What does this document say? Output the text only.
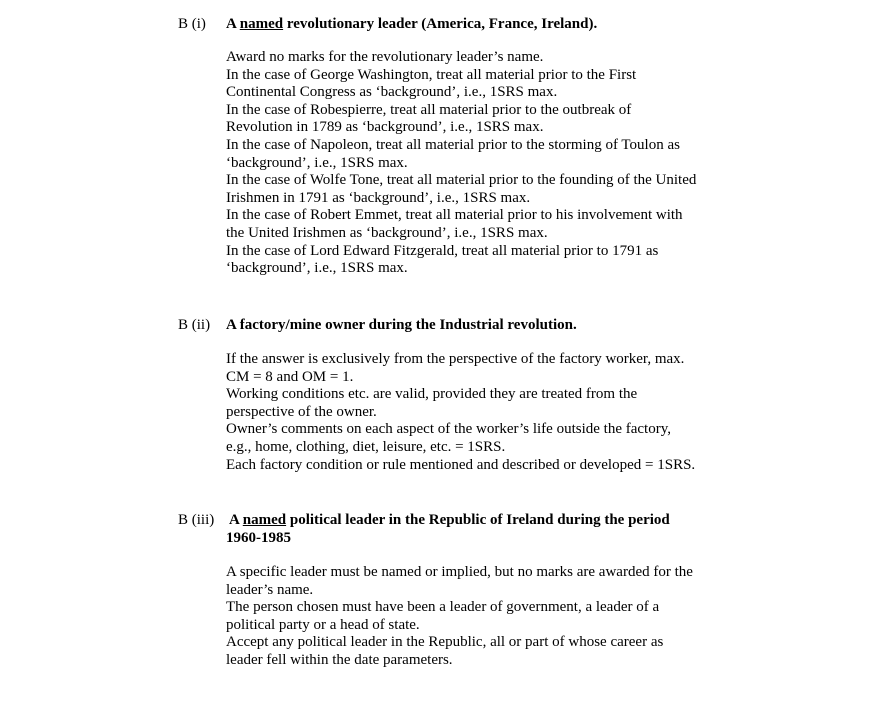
B (i) A named revolutionary leader (America, France, Ireland).
Award no marks for the revolutionary leader’s name.
In the case of George Washington, treat all material prior to the First
Continental Congress as ‘background’, i.e., 1SRS max.
In the case of Robespierre, treat all material prior to the outbreak of
Revolution in 1789 as ‘background’, i.e., 1SRS max.
In the case of Napoleon, treat all material prior to the storming of Toulon as
‘background’, i.e., 1SRS max.
In the case of Wolfe Tone, treat all material prior to the founding of the United
Irishmen in 1791 as ‘background’, i.e., 1SRS max.
In the case of Robert Emmet, treat all material prior to his involvement with
the United Irishmen as ‘background’, i.e., 1SRS max.
In the case of Lord Edward Fitzgerald, treat all material prior to 1791 as
‘background’, i.e., 1SRS max.
B (ii) A factory/mine owner during the Industrial revolution.
If the answer is exclusively from the perspective of the factory worker, max.
CM = 8 and OM = 1.
Working conditions etc. are valid, provided they are treated from the
perspective of the owner.
Owner’s comments on each aspect of the worker’s life outside the factory,
e.g., home, clothing, diet, leisure, etc. = 1SRS.
Each factory condition or rule mentioned and described or developed = 1SRS.
B (iii) A named political leader in the Republic of Ireland during the period
1960-1985
A specific leader must be named or implied, but no marks are awarded for the
leader’s name.
The person chosen must have been a leader of government, a leader of a
political party or a head of state.
Accept any political leader in the Republic, all or part of whose career as
leader fell within the date parameters.
